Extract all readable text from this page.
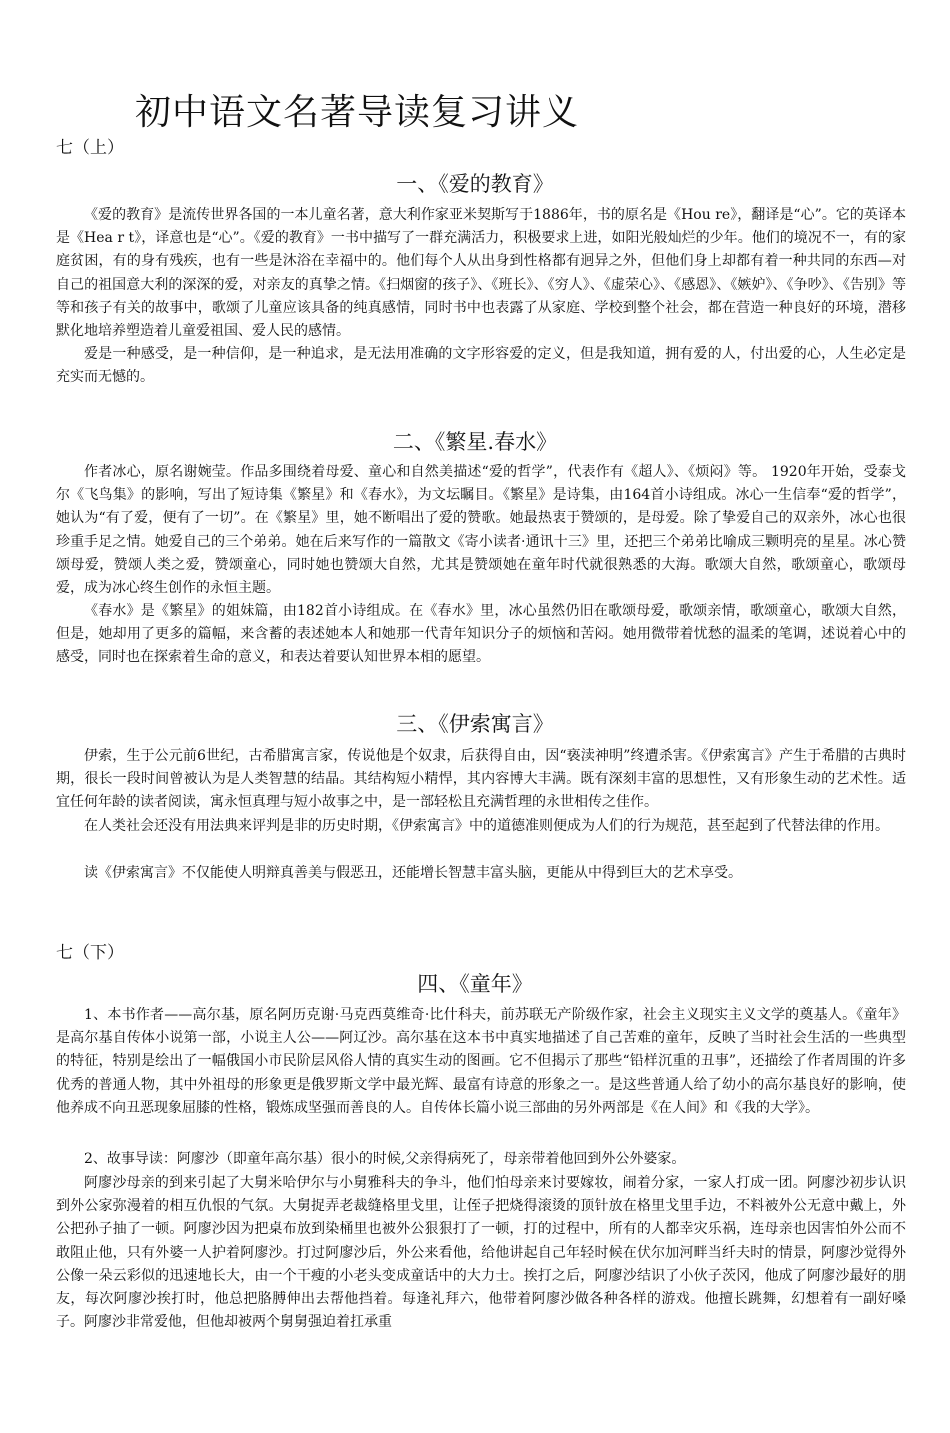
初中语文名著导读复习讲义
七（上）
一、《爱的教育》

《爱的教育》是流传世界各国的一本儿童名著，意大利作家亚米契斯写于1886年，书的原名是《Hou re》，翻译是“心”。它的英译本是《Hea r t》，译意也是“心”。《爱的教育》一书中描写了一群充满活力，积极要求上进，如阳光般灿烂的少年。他们的境况不一，有的家庭贫困，有的身有残疾，也有一些是沐浴在幸福中的。他们每个人从出身到性格都有迥异之外，但他们身上却都有着一种共同的东西—对自己的祖国意大利的深深的爱，对亲友的真挚之情。《扫烟窗的孩子》、《班长》、《穷人》、《虚荣心》、《感恩》、《嫉妒》、《争吵》、《告别》等等和孩子有关的故事中，歌颂了儿童应该具备的纯真感情，同时书中也表露了从家庭、学校到整个社会，都在营造一种良好的环境，潜移默化地培养塑造着儿童爱祖国、爱人民的感情。

爱是一种感受，是一种信仰，是一种追求，是无法用准确的文字形容爱的定义，但是我知道，拥有爱的人，付出爱的心，人生必定是充实而无憾的。

二、《繁星.春水》

作者冰心，原名谢婉莹。作品多围绕着母爱、童心和自然美描述“爱的哲学”，代表作有《超人》、《烦闷》等。 1920年开始，受泰戈尔《飞鸟集》的影响，写出了短诗集《繁星》和《春水》，为文坛瞩目。《繁星》是诗集，由164首小诗组成。冰心一生信奉“爱的哲学”，她认为“有了爱，便有了一切”。在《繁星》里，她不断唱出了爱的赞歌。她最热衷于赞颂的，是母爱。除了挚爱自己的双亲外，冰心也很珍重手足之情。她爱自己的三个弟弟。她在后来写作的一篇散文《寄小读者·通讯十三》里，还把三个弟弟比喻成三颗明亮的星星。冰心赞颂母爱，赞颂人类之爱，赞颂童心，同时她也赞颂大自然，尤其是赞颂她在童年时代就很熟悉的大海。歌颂大自然，歌颂童心，歌颂母爱，成为冰心终生创作的永恒主题。

《春水》是《繁星》的姐妹篇，由182首小诗组成。在《春水》里，冰心虽然仍旧在歌颂母爱，歌颂亲情，歌颂童心，歌颂大自然，但是，她却用了更多的篇幅，来含蓄的表述她本人和她那一代青年知识分子的烦恼和苦闷。她用微带着忧愁的温柔的笔调，述说着心中的感受，同时也在探索着生命的意义，和表达着要认知世界本相的愿望。

三、《伊索寓言》

伊索，生于公元前6世纪，古希腊寓言家，传说他是个奴隶，后获得自由，因“亵渎神明”终遭杀害。《伊索寓言》产生于希腊的古典时期，很长一段时间曾被认为是人类智慧的结晶。其结构短小精悍，其内容博大丰满。既有深刻丰富的思想性，又有形象生动的艺术性。适宜任何年龄的读者阅读，寓永恒真理与短小故事之中，是一部轻松且充满哲理的永世相传之佳作。

在人类社会还没有用法典来评判是非的历史时期，《伊索寓言》中的道德准则便成为人们的行为规范，甚至起到了代替法律的作用。

读《伊索寓言》不仅能使人明辩真善美与假恶丑，还能增长智慧丰富头脑，更能从中得到巨大的艺术享受。

七（下）
四、《童年》

1、本书作者——高尔基，原名阿历克谢·马克西莫维奇·比什科夫，前苏联无产阶级作家，社会主义现实主义文学的奠基人。《童年》是高尔基自传体小说第一部，小说主人公——阿辽沙。高尔基在这本书中真实地描述了自己苦难的童年，反映了当时社会生活的一些典型的特征，特别是绘出了一幅俄国小市民阶层风俗人情的真实生动的图画。它不但揭示了那些“铅样沉重的丑事”，还描绘了作者周围的许多优秀的普通人物，其中外祖母的形象更是俄罗斯文学中最光辉、最富有诗意的形象之一。是这些普通人给了幼小的高尔基良好的影响，使他养成不向丑恶现象屈膝的性格，锻炼成坚强而善良的人。自传体长篇小说三部曲的另外两部是《在人间》和《我的大学》。

2、故事导读：阿廖沙（即童年高尔基）很小的时候,父亲得病死了，母亲带着他回到外公外婆家。

阿廖沙母亲的到来引起了大舅米哈伊尔与小舅雅科夫的争斗，他们怕母亲来讨要嫁妆，闹着分家，一家人打成一团。阿廖沙初步认识到外公家弥漫着的相互仇恨的气氛。大舅捉弄老裁缝格里戈里，让侄子把烧得滚烫的顶针放在格里戈里手边，不料被外公无意中戴上，外公把孙子抽了一顿。阿廖沙因为把桌布放到染桶里也被外公狠狠打了一顿，打的过程中，所有的人都幸灾乐祸，连母亲也因害怕外公而不敢阻止他，只有外婆一人护着阿廖沙。打过阿廖沙后，外公来看他，给他讲起自己年轻时候在伏尔加河畔当纤夫时的情景，阿廖沙觉得外公像一朵云彩似的迅速地长大，由一个干瘦的小老头变成童话中的大力士。挨打之后，阿廖沙结识了小伙子茨冈，他成了阿廖沙最好的朋友，每次阿廖沙挨打时，他总把胳膊伸出去帮他挡着。每逢礼拜六，他带着阿廖沙做各种各样的游戏。他擅长跳舞，幻想着有一副好嗓子。阿廖沙非常爱他，但他却被两个舅舅强迫着扛承重
